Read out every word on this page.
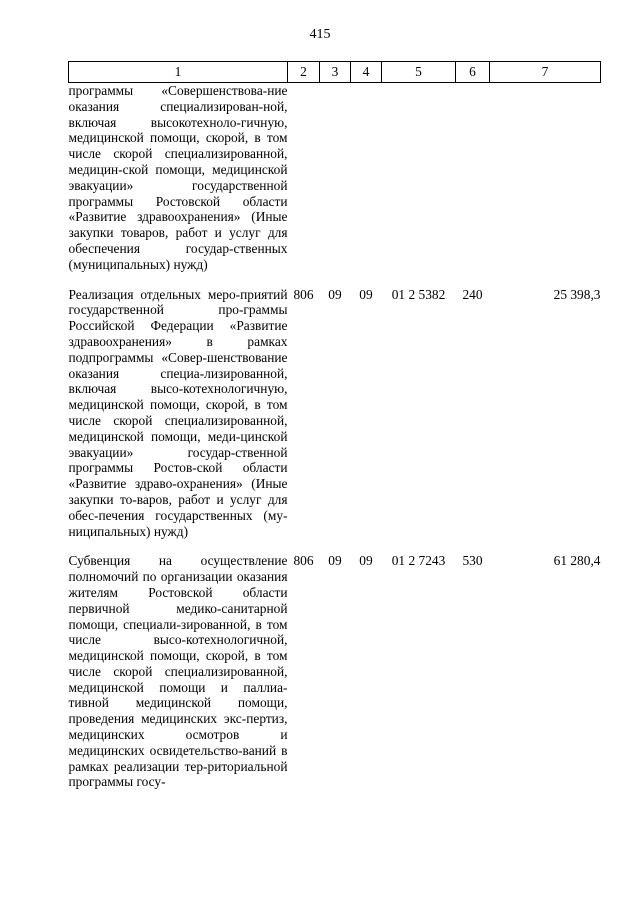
415
1	2	3	4	5	6	7
программы «Совершенствова-ние оказания специализирован-ной, включая высокотехноло-гичную, медицинской помощи, скорой, в том числе скорой специализированной, медицин-ской помощи, медицинской эвакуации» государственной программы Ростовской области «Развитие здравоохранения» (Иные закупки товаров, работ и услуг для обеспечения государ-ственных (муниципальных) нужд)						

Реализация отдельных меро-приятий государственной про-граммы Российской Федерации «Развитие здравоохранения» в рамках подпрограммы «Совер-шенствование оказания специа-лизированной, включая высо-котехнологичную, медицинской помощи, скорой, в том числе скорой специализированной, медицинской помощи, меди-цинской эвакуации» государ-ственной программы Ростов-ской области «Развитие здраво-охранения» (Иные закупки то-варов, работ и услуг для обес-печения государственных (му-ниципальных) нужд)	806	09	09	01 2 5382	240	25 398,3

Субвенция на осуществление полномочий по организации оказания жителям Ростовской области первичной медико-санитарной помощи, специали-зированной, в том числе высо-котехнологичной, медицинской помощи, скорой, в том числе скорой специализированной, медицинской помощи и паллиа-тивной медицинской помощи, проведения медицинских экс-пертиз, медицинских осмотров и медицинских освидетельство-ваний в рамках реализации тер-риториальной программы госу-	806	09	09	01 2 7243	530	61 280,4
